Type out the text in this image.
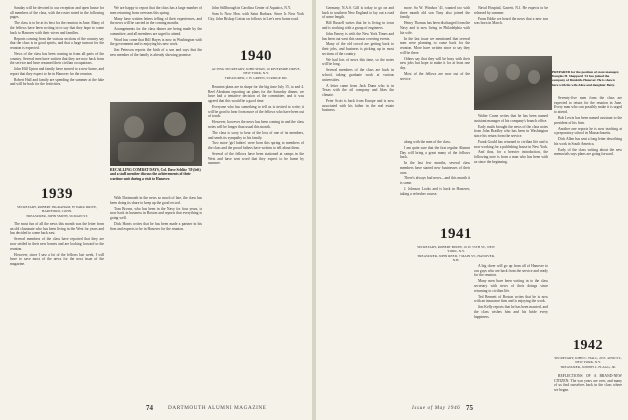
Sunday will be devoted to our reception and open house for all members of the class, with the roster noted in the following pages.

The class is to be at its best for the reunion in June. Many of the fellows have been writing in to say that they hope to come back to Hanover with their wives and families.

Reports coming from the various sections of the country say that the class is in good spirits, and that a large turnout for the reunion is expected.

News of the class has been coming in from all parts of the country. Several men have written that they are now back from the service and have resumed their civilian occupations.

John Hill Upton and family have moved to a new home, and report that they expect to be in Hanover for the reunion.

Robert Hall and family are spending the summer at the lake and will be back for the festivities.

1939
SECRETARY, ROBERT INGRAHAM, 87 PARK DRIVE, HARTFORD, CONN.
TREASURER, JOHN SMITH, 56 MAIN ST.

The most fun of all the news this month was the letter from an old classmate who has been living in the West for years and has decided to come back east.

Several members of the class have reported that they are now settled in their new homes and are looking forward to the reunion.

However, since I saw a lot of the fellows last week, I will have to save most of the news for the next issue of the magazine.

We are happy to report that the class has a large number of men returning from overseas this spring.

Many have written letters telling of their experiences, and the news will be carried in the coming months.

Arrangements for the class dinner are being made by the committee, and all members are urged to attend.

Word has come that Bill Hayes is now in Washington with the government and is enjoying his new work.

Jim Peterson reports the birth of a son and says that the new member of the family is already showing promise.

RECALLING COMBAT DAYS, Col. Dave Schlitz '39 (left) and a staff member discuss the achievements of their wartime unit during a visit to Hanover.

With Dartmouth in the news so much of late, the class has been doing its share to keep up the good record.

Tom Brown, who has been in the Navy for four years, is now back in business in Boston and reports that everything is going well.

Dick Harris writes that he has been made a partner in his firm and expects to be in Hanover for the reunion.

John Stillbrough in Carolina Center of Aquatics, N.Y.

Sam Is Now Hon. with Saint Barbara. Since Is Now York City. John Bishop Cotton on follows in Lee's new home road.

1940
ACTING SECRETARY, JOHN SHAW, 10 RIVERSIDE DRIVE, NEW YORK, N.Y.
TREASURER, J. H. GREEN, 53 RIDGE RD.

Reunion plans are in shape for the big time July 15, to and 4. Reel Abraham reporting on plans for the Saturday dinner, we have had a tentative decision of the committee, and it was agreed that this would be a good time.

Everyone who has something to tell us is invited to write; it will be good to hear from more of the fellows who have been out of touch.

However, however the news has been coming in and the class notes will be longer than usual this month.

The class is sorry to hear of the loss of one of its members, and sends its sympathy to his family.

Two more 'girl babies' were born this spring to members of the class and the proud fathers have written to tell about them.

Several of the fellows have been stationed at camps in the West and have sent word that they expect to be home by summer.

74	DARTMOUTH ALUMNI MAGAZINE

Germany, N.A.S. Gill is today to go on and back to southern New England to lay out a road of some length.

Bill Russell writes that he is living in town and is working with a group of engineers.

John Emery is with the New York Times and has been out west this season covering events.

Many of the old crowd are getting back to their jobs, and business is picking up in most sections of the country.

We had lots of news this time, so the notes will be long.

Several members of the class are back in school, taking graduate work at various universities.

A letter came from Jack Dunn who is in Texas with the oil company and likes the climate.

Peter Scott is back from Europe and is now associated with his father in the real estate business.

more. So W. Windsor '41, wanted too with three month old son Tony also joined the family.

Henry Thomas has been discharged from the Navy and is now living in Philadelphia with his wife.

In the last issue we mentioned that several men were planning to come back for the reunion. More have written since to say they will be there.

Others say that they will be busy with their new jobs but hope to make it for at least one day.

Most of the fellows are now out of the service.

PREPARED for the position of store manager, Douglas H. Sheppard '41 has joined the company of Dunkirk-Hanover. He is shown here with his wife Alice and daughter Betty.

along with the men of the class.

I am quite sure that the first regular Alumni Day will bring a great many of the fellows back.

In the last few months, several class members have started new businesses of their own.

There's always bad news—and this month it is some.

J. Johnson Looks and is back in Hanover, taking a refresher course.

Naval Hospital, Garrett, N.J. He expects to be released by summer.

From Eddie we heard the news that a new son was born in March.

Walter Crane writes that he has been named assistant manager of his company's branch office.

Early mails brought the news of the class notes from John Bradley who has been in Washington since his return from the service.

Frank Gould has returned to civilian life and is now working for a publishing house in New York.

And thus, for a heavier introduction, the following note is from a man who has been with us since the beginning.

1941
SECRETARY, ROBERT BIXBY, 19 W. 55TH ST., NEW YORK, N.Y.
TREASURER, JOHN REED, 7 MAIN ST., HANOVER, N.H.

A big cheer will go up from all of Hanover to our guys who are back from the service and ready for the reunion.

Many men have been writing in to the class secretary with news of their doings since returning to civilian life.

Ted Bennett of Boston writes that he is now with an insurance firm and is enjoying the work.

Jim Kelly reports that he has been married, and the class wishes him and his bride every happiness.

Seventy-five men from the class are expected to return for the reunion in June. Every man who can possibly make it is urged to attend.

Bob Lewis has been named assistant to the president of his firm.

Another one reports he is now teaching at a preparatory school in Massachusetts.

Dick Allen has sent a long letter describing his work in South America.

Early of the class writing about the new memorials says plans are going forward.

1942
SECRETARY, JOHN C. HALL, 20 E. 42ND ST., NEW YORK, N.Y.
TREASURER, JOSEPH L. FLAGG, JR.

REFLECTIONS OF A BRAND-NEW CITIZEN: The war years are over, and many of us find ourselves back in the class where we began.

Issue of May 1946 75
